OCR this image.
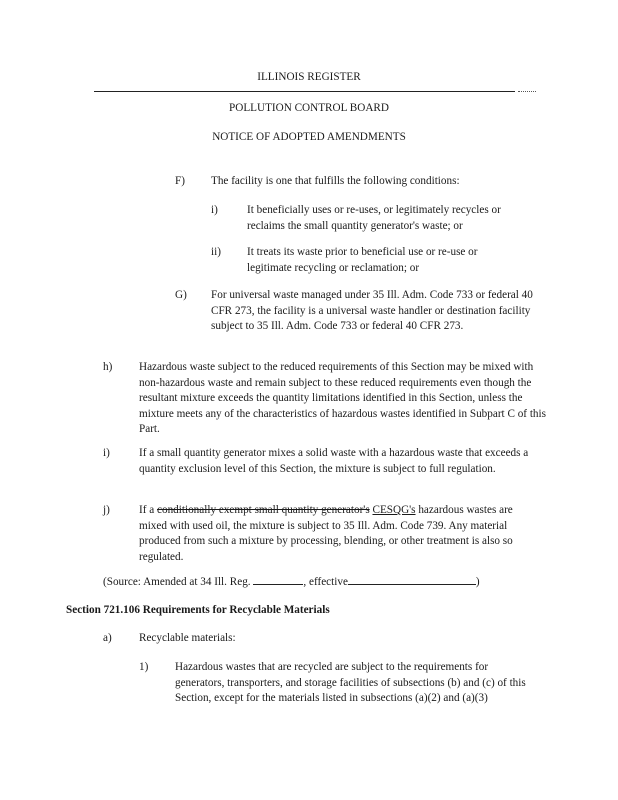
ILLINOIS REGISTER
POLLUTION CONTROL BOARD
NOTICE OF ADOPTED AMENDMENTS
F) The facility is one that fulfills the following conditions:
i)	It beneficially uses or re-uses, or legitimately recycles or reclaims the small quantity generator's waste; or
ii) It treats its waste prior to beneficial use or re-use or legitimate recycling or reclamation; or
G) For universal waste managed under 35 Ill. Adm. Code 733 or federal 40 CFR 273, the facility is a universal waste handler or destination facility subject to 35 Ill. Adm. Code 733 or federal 40 CFR 273.
h) Hazardous waste subject to the reduced requirements of this Section may be mixed with non-hazardous waste and remain subject to these reduced requirements even though the resultant mixture exceeds the quantity limitations identified in this Section, unless the mixture meets any of the characteristics of hazardous wastes identified in Subpart C of this Part.
i)	If a small quantity generator mixes a solid waste with a hazardous waste that exceeds a quantity exclusion level of this Section, the mixture is subject to full regulation.
j)	If a conditionally exempt small quantity generator's CESQG's hazardous wastes are mixed with used oil, the mixture is subject to 35 Ill. Adm. Code 739. Any material produced from such a mixture by processing, blending, or other treatment is also so regulated.
(Source: Amended at 34 Ill. Reg.	, effective	)
Section 721.106 Requirements for Recyclable Materials
a) Recyclable materials:
1) Hazardous wastes that are recycled are subject to the requirements for generators, transporters, and storage facilities of subsections (b) and (c) of this Section, except for the materials listed in subsections (a)(2) and (a)(3)
